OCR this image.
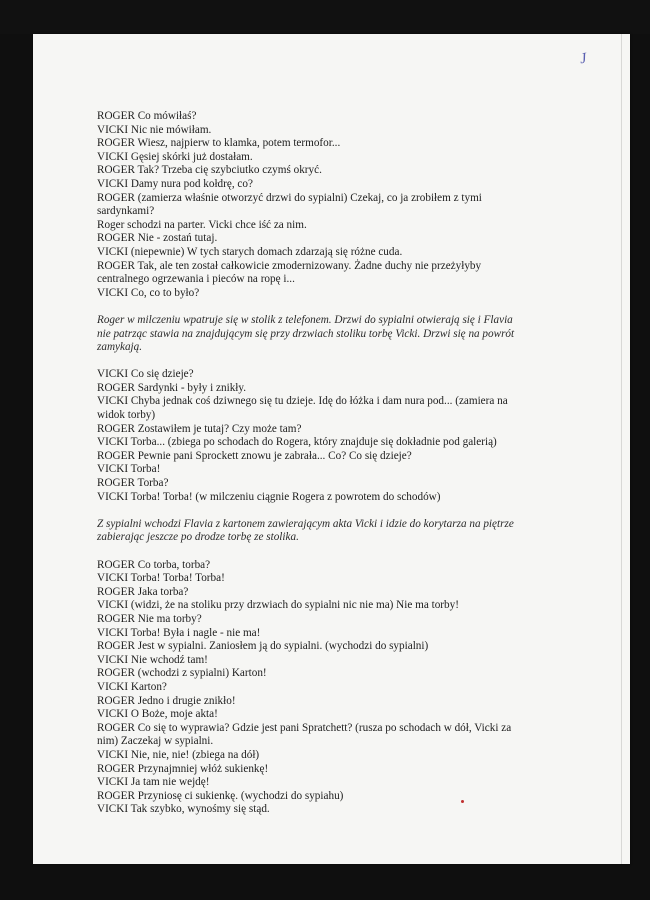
J

ROGER Co mówiłaś?

VICKI Nic nie mówiłam.

ROGER Wiesz, najpierw to klamka, potem termofor...

VICKI Gęsiej skórki już dostałam.

ROGER Tak? Trzeba cię szybciutko czymś okryć.

VICKI Damy nura pod kołdrę, co?

ROGER (zamierza właśnie otworzyć drzwi do sypialni) Czekaj, co ja zrobiłem z tymi sardynkami?

Roger schodzi na parter. Vicki chce iść za nim.

ROGER Nie - zostań tutaj.

VICKI (niepewnie) W tych starych domach zdarzają się różne cuda.

ROGER Tak, ale ten został całkowicie zmodernizowany. Żadne duchy nie przeżyłyby centralnego ogrzewania i pieców na ropę i...

VICKI Co, co to było?

Roger w milczeniu wpatruje się w stolik z telefonem. Drzwi do sypialni otwierają się i Flavia nie patrząc stawia na znajdującym się przy drzwiach stoliku torbę Vicki. Drzwi się na powrót zamykają.

VICKI Co się dzieje?

ROGER Sardynki - były i znikły.

VICKI Chyba jednak coś dziwnego się tu dzieje. Idę do łóżka i dam nura pod... (zamiera na widok torby)

ROGER Zostawiłem je tutaj? Czy może tam?

VICKI Torba... (zbiega po schodach do Rogera, który znajduje się dokładnie pod galerią)

ROGER Pewnie pani Sprockett znowu je zabrała... Co? Co się dzieje?

VICKI Torba!

ROGER Torba?

VICKI Torba! Torba! (w milczeniu ciągnie Rogera z powrotem do schodów)

Z sypialni wchodzi Flavia z kartonem zawierającym akta Vicki i idzie do korytarza na piętrze zabierając jeszcze po drodze torbę ze stolika.

ROGER Co torba, torba?

VICKI Torba! Torba! Torba!

ROGER Jaka torba?

VICKI (widzi, że na stoliku przy drzwiach do sypialni nic nie ma) Nie ma torby!

ROGER Nie ma torby?

VICKI Torba! Była i nagle - nie ma!

ROGER Jest w sypialni. Zaniosłem ją do sypialni. (wychodzi do sypialni)

VICKI Nie wchodź tam!

ROGER (wchodzi z sypialni) Karton!

VICKI Karton?

ROGER Jedno i drugie znikło!

VICKI O Boże, moje akta!

ROGER Co się to wyprawia? Gdzie jest pani Spratchett? (rusza po schodach w dół, Vicki za nim) Zaczekaj w sypialni.

VICKI Nie, nie, nie! (zbiega na dół)

ROGER Przynajmniej włóż sukienkę!

VICKI Ja tam nie wejdę!

ROGER Przyniosę ci sukienkę. (wychodzi do sypiahu)

VICKI Tak szybko, wynośmy się stąd.
